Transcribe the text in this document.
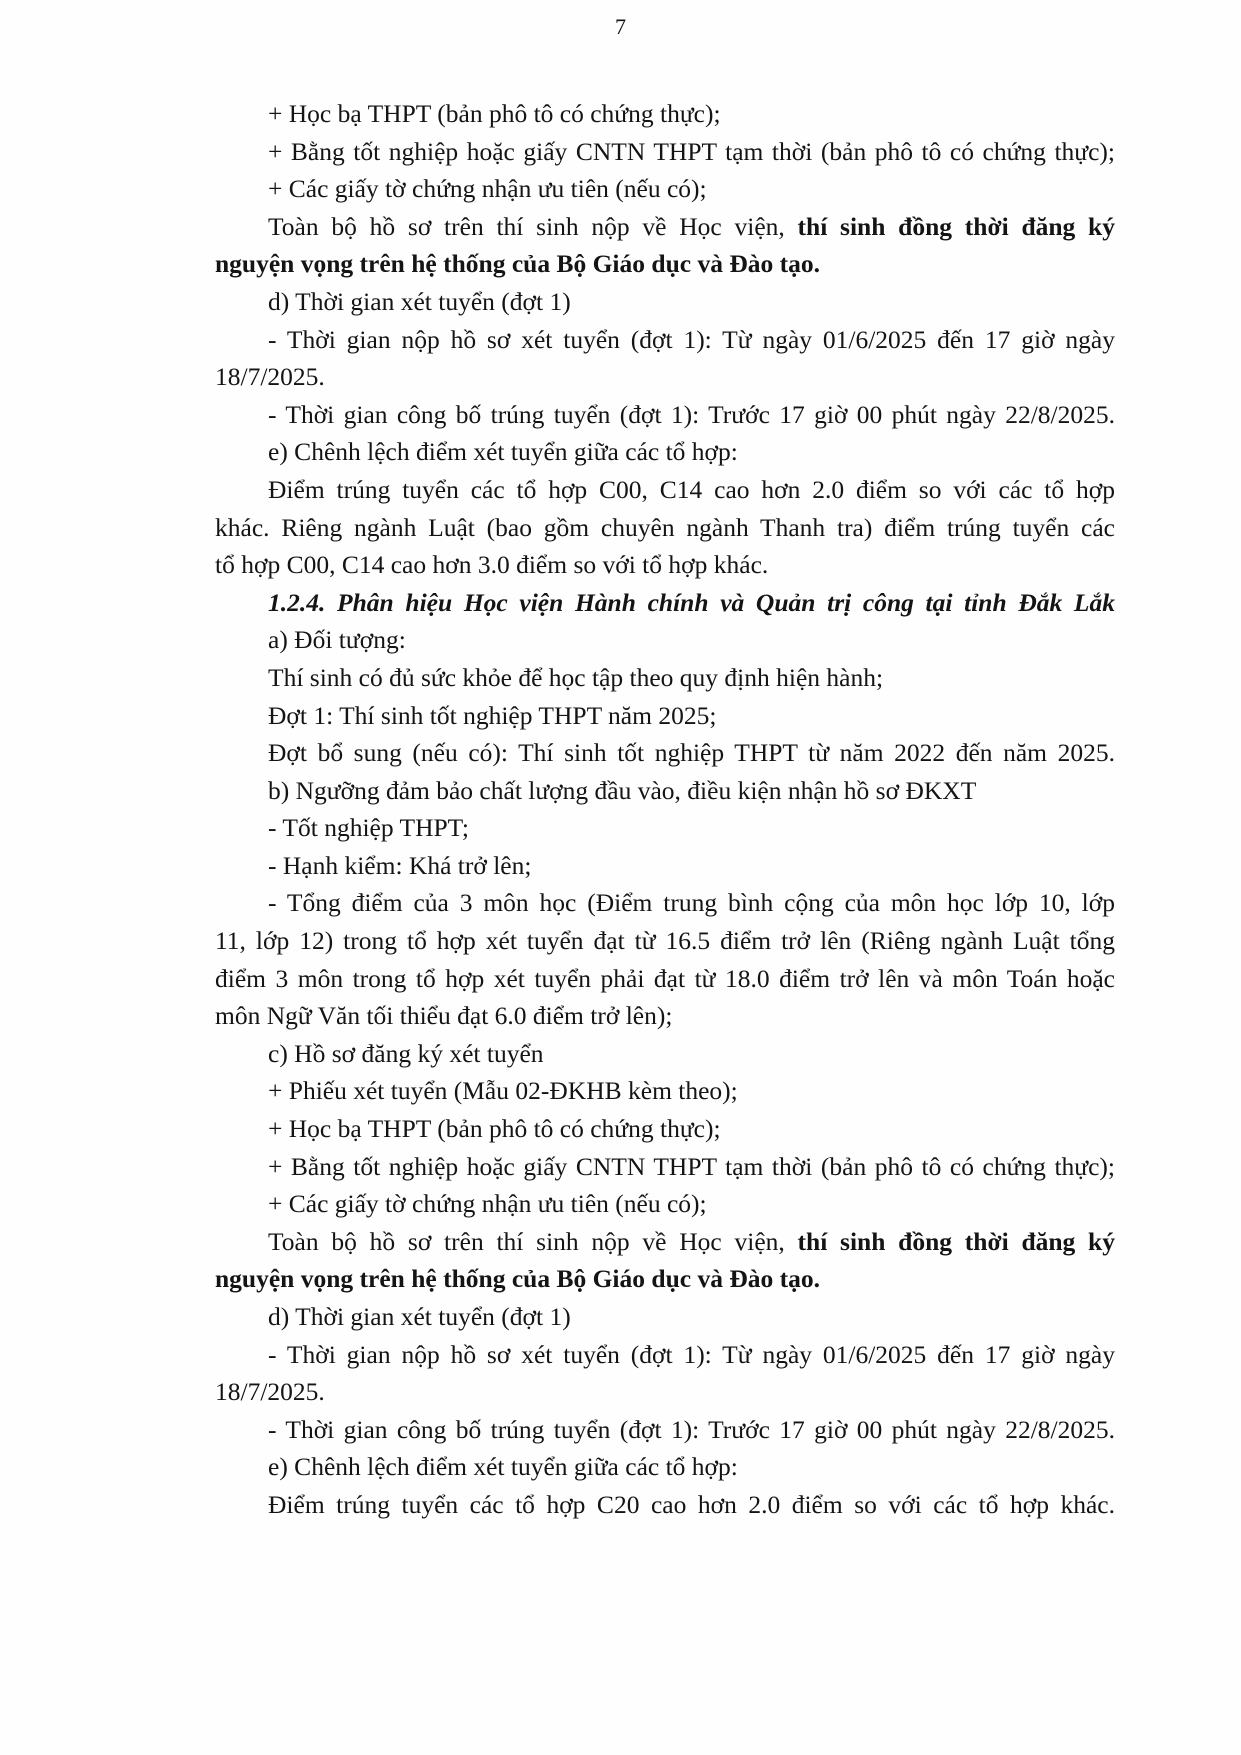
7
+ Học bạ THPT (bản phô tô có chứng thực);
+ Bằng tốt nghiệp hoặc giấy CNTN THPT tạm thời (bản phô tô có chứng thực);
+ Các giấy tờ chứng nhận ưu tiên (nếu có);
Toàn bộ hồ sơ trên thí sinh nộp về Học viện, thí sinh đồng thời đăng ký
nguyện vọng trên hệ thống của Bộ Giáo dục và Đào tạo.
d) Thời gian xét tuyển (đợt 1)
- Thời gian nộp hồ sơ xét tuyển (đợt 1): Từ ngày 01/6/2025 đến 17 giờ ngày
18/7/2025.
- Thời gian công bố trúng tuyển (đợt 1): Trước 17 giờ 00 phút ngày 22/8/2025.
e) Chênh lệch điểm xét tuyển giữa các tổ hợp:
Điểm trúng tuyển các tổ hợp C00, C14 cao hơn 2.0 điểm so với các tổ hợp
khác. Riêng ngành Luật (bao gồm chuyên ngành Thanh tra) điểm trúng tuyển các
tổ hợp C00, C14 cao hơn 3.0 điểm so với tổ hợp khác.
1.2.4. Phân hiệu Học viện Hành chính và Quản trị công tại tỉnh Đắk Lắk
a) Đối tượng:
Thí sinh có đủ sức khỏe để học tập theo quy định hiện hành;
Đợt 1: Thí sinh tốt nghiệp THPT năm 2025;
Đợt bổ sung (nếu có): Thí sinh tốt nghiệp THPT từ năm 2022 đến năm 2025.
b) Ngưỡng đảm bảo chất lượng đầu vào, điều kiện nhận hồ sơ ĐKXT
- Tốt nghiệp THPT;
- Hạnh kiểm: Khá trở lên;
- Tổng điểm của 3 môn học (Điểm trung bình cộng của môn học lớp 10, lớp
11, lớp 12) trong tổ hợp xét tuyển đạt từ 16.5 điểm trở lên (Riêng ngành Luật tổng
điểm 3 môn trong tổ hợp xét tuyển phải đạt từ 18.0 điểm trở lên và môn Toán hoặc
môn Ngữ Văn tối thiểu đạt 6.0 điểm trở lên);
c) Hồ sơ đăng ký xét tuyển
+ Phiếu xét tuyển (Mẫu 02-ĐKHB kèm theo);
+ Học bạ THPT (bản phô tô có chứng thực);
+ Bằng tốt nghiệp hoặc giấy CNTN THPT tạm thời (bản phô tô có chứng thực);
+ Các giấy tờ chứng nhận ưu tiên (nếu có);
Toàn bộ hồ sơ trên thí sinh nộp về Học viện, thí sinh đồng thời đăng ký
nguyện vọng trên hệ thống của Bộ Giáo dục và Đào tạo.
d) Thời gian xét tuyển (đợt 1)
- Thời gian nộp hồ sơ xét tuyển (đợt 1): Từ ngày 01/6/2025 đến 17 giờ ngày
18/7/2025.
- Thời gian công bố trúng tuyển (đợt 1): Trước 17 giờ 00 phút ngày 22/8/2025.
e) Chênh lệch điểm xét tuyển giữa các tổ hợp:
Điểm trúng tuyển các tổ hợp C20 cao hơn 2.0 điểm so với các tổ hợp khác.
